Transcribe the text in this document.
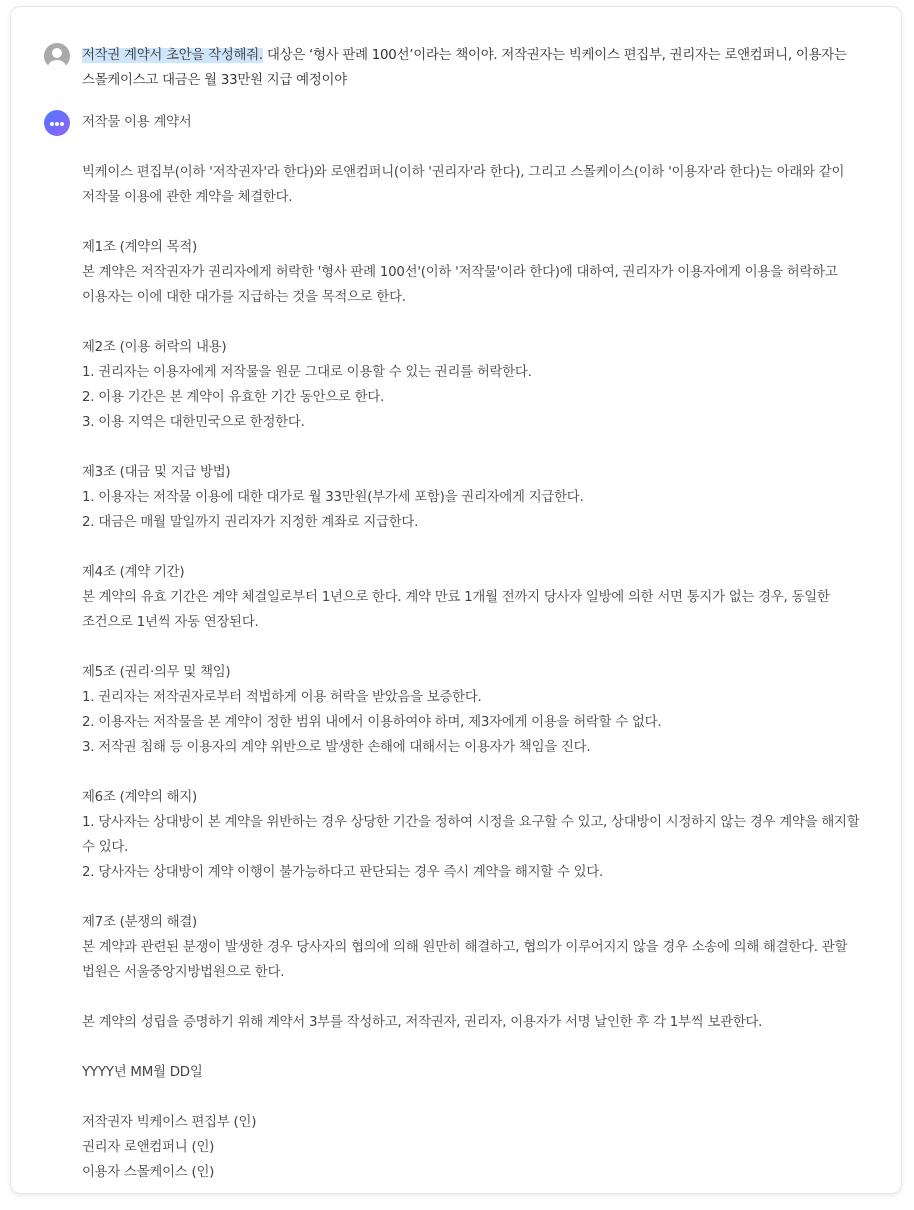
저작권 계약서 초안을 작성해줘. 대상은 ‘형사 판례 100선’이라는 책이야. 저작권자는 빅케이스 편집부, 권리자는 로앤컴퍼니, 이용자는 스몰케이스고 대금은 월 33만원 지급 예정이야
저작물 이용 계약서
빅케이스 편집부(이하 '저작권자'라 한다)와 로앤컴퍼니(이하 '권리자'라 한다), 그리고 스몰케이스(이하 '이용자'라 한다)는 아래와 같이 저작물 이용에 관한 계약을 체결한다.
제1조 (계약의 목적)
본 계약은 저작권자가 권리자에게 허락한 '형사 판례 100선'(이하 '저작물'이라 한다)에 대하여, 권리자가 이용자에게 이용을 허락하고 이용자는 이에 대한 대가를 지급하는 것을 목적으로 한다.
제2조 (이용 허락의 내용)
1. 권리자는 이용자에게 저작물을 원문 그대로 이용할 수 있는 권리를 허락한다.
2. 이용 기간은 본 계약이 유효한 기간 동안으로 한다.
3. 이용 지역은 대한민국으로 한정한다.
제3조 (대금 및 지급 방법)
1. 이용자는 저작물 이용에 대한 대가로 월 33만원(부가세 포함)을 권리자에게 지급한다.
2. 대금은 매월 말일까지 권리자가 지정한 계좌로 지급한다.
제4조 (계약 기간)
본 계약의 유효 기간은 계약 체결일로부터 1년으로 한다. 계약 만료 1개월 전까지 당사자 일방에 의한 서면 통지가 없는 경우, 동일한 조건으로 1년씩 자동 연장된다.
제5조 (권리·의무 및 책임)
1. 권리자는 저작권자로부터 적법하게 이용 허락을 받았음을 보증한다.
2. 이용자는 저작물을 본 계약이 정한 범위 내에서 이용하여야 하며, 제3자에게 이용을 허락할 수 없다.
3. 저작권 침해 등 이용자의 계약 위반으로 발생한 손해에 대해서는 이용자가 책임을 진다.
제6조 (계약의 해지)
1. 당사자는 상대방이 본 계약을 위반하는 경우 상당한 기간을 정하여 시정을 요구할 수 있고, 상대방이 시정하지 않는 경우 계약을 해지할 수 있다.
2. 당사자는 상대방이 계약 이행이 불가능하다고 판단되는 경우 즉시 계약을 해지할 수 있다.
제7조 (분쟁의 해결)
본 계약과 관련된 분쟁이 발생한 경우 당사자의 협의에 의해 원만히 해결하고, 협의가 이루어지지 않을 경우 소송에 의해 해결한다. 관할 법원은 서울중앙지방법원으로 한다.
본 계약의 성립을 증명하기 위해 계약서 3부를 작성하고, 저작권자, 권리자, 이용자가 서명 날인한 후 각 1부씩 보관한다.
YYYY년 MM월 DD일
저작권자 빅케이스 편집부 (인)
권리자 로앤컴퍼니 (인)
이용자 스몰케이스 (인)
